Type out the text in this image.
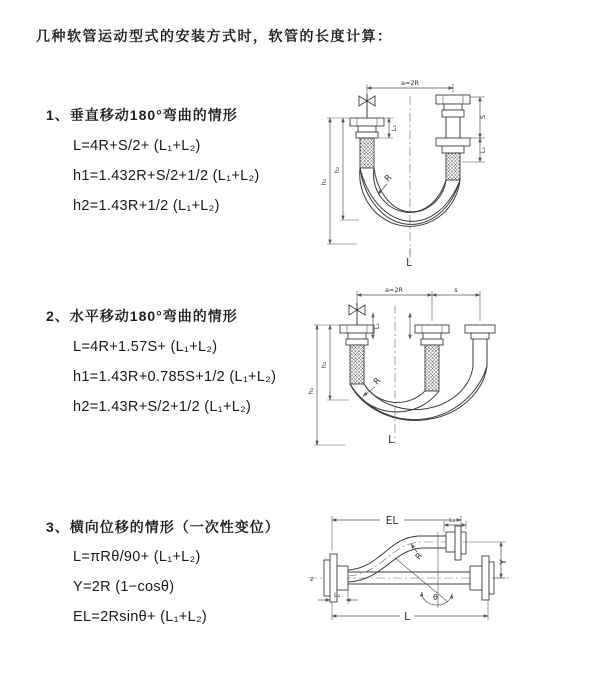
几种软管运动型式的安装方式时，软管的长度计算：
1、垂直移动180°弯曲的情形
L=4R+S/2+ (L₁+L₂)
h1=1.432R+S/2+1/2 (L₁+L₂)
h2=1.43R+1/2 (L₁+L₂)
2、水平移动180°弯曲的情形
L=4R+1.57S+ (L₁+L₂)
h1=1.43R+0.785S+1/2 (L₁+L₂)
h2=1.43R+S/2+1/2 (L₁+L₂)
3、横向位移的情形（一次性变位）
L=πRθ/90+ (L₁+L₂)
Y=2R (1−cosθ)
EL=2Rsinθ+ (L₁+L₂)
a=2R
L₁
S
L₁
h₂
h₁	R
L
a=2R	s
L₁
h₂
h₁
R
L
z
EL	L₁
Y
θ
R
L₁
L
